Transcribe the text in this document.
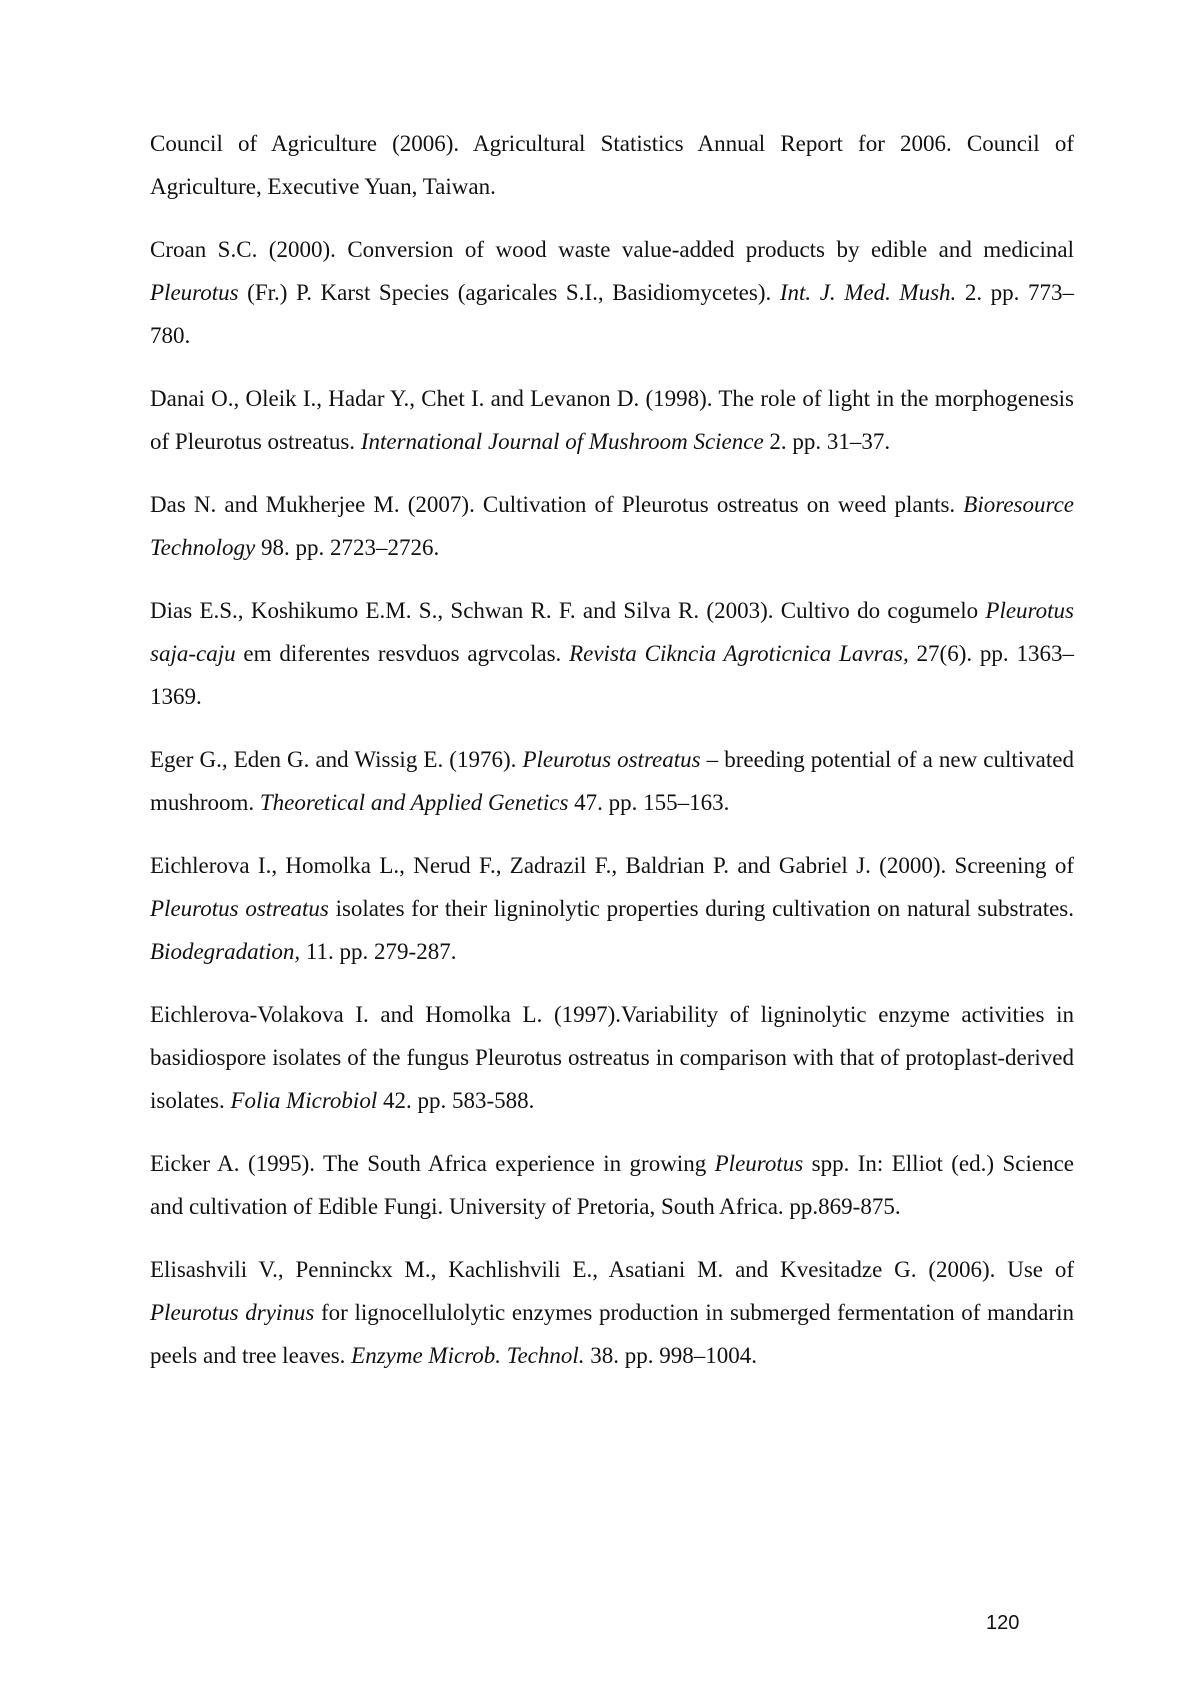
Council of Agriculture (2006). Agricultural Statistics Annual Report for 2006. Council of Agriculture, Executive Yuan, Taiwan.

Croan S.C. (2000). Conversion of wood waste value-added products by edible and medicinal Pleurotus (Fr.) P. Karst Species (agaricales S.I., Basidiomycetes). Int. J. Med. Mush. 2. pp. 773–780.

Danai O., Oleik I., Hadar Y., Chet I. and Levanon D. (1998). The role of light in the morphogenesis of Pleurotus ostreatus. International Journal of Mushroom Science 2. pp. 31–37.

Das N. and Mukherjee M. (2007). Cultivation of Pleurotus ostreatus on weed plants. Bioresource Technology 98. pp. 2723–2726.

Dias E.S., Koshikumo E.M. S., Schwan R. F. and Silva R. (2003). Cultivo do cogumelo Pleurotus saja-caju em diferentes resvduos agrvcolas. Revista Cikncia Agroticnica Lavras, 27(6). pp. 1363–1369.

Eger G., Eden G. and Wissig E. (1976). Pleurotus ostreatus – breeding potential of a new cultivated mushroom. Theoretical and Applied Genetics 47. pp. 155–163.

Eichlerova I., Homolka L., Nerud F., Zadrazil F., Baldrian P. and Gabriel J. (2000). Screening of Pleurotus ostreatus isolates for their ligninolytic properties during cultivation on natural substrates. Biodegradation, 11. pp. 279-287.

Eichlerova-Volakova I. and Homolka L. (1997).Variability of ligninolytic enzyme activities in basidiospore isolates of the fungus Pleurotus ostreatus in comparison with that of protoplast-derived isolates. Folia Microbiol 42. pp. 583-588.

Eicker A. (1995). The South Africa experience in growing Pleurotus spp. In: Elliot (ed.) Science and cultivation of Edible Fungi. University of Pretoria, South Africa. pp.869-875.

Elisashvili V., Penninckx M., Kachlishvili E., Asatiani M. and Kvesitadze G. (2006). Use of Pleurotus dryinus for lignocellulolytic enzymes production in submerged fermentation of mandarin peels and tree leaves. Enzyme Microb. Technol. 38. pp. 998–1004.

120
